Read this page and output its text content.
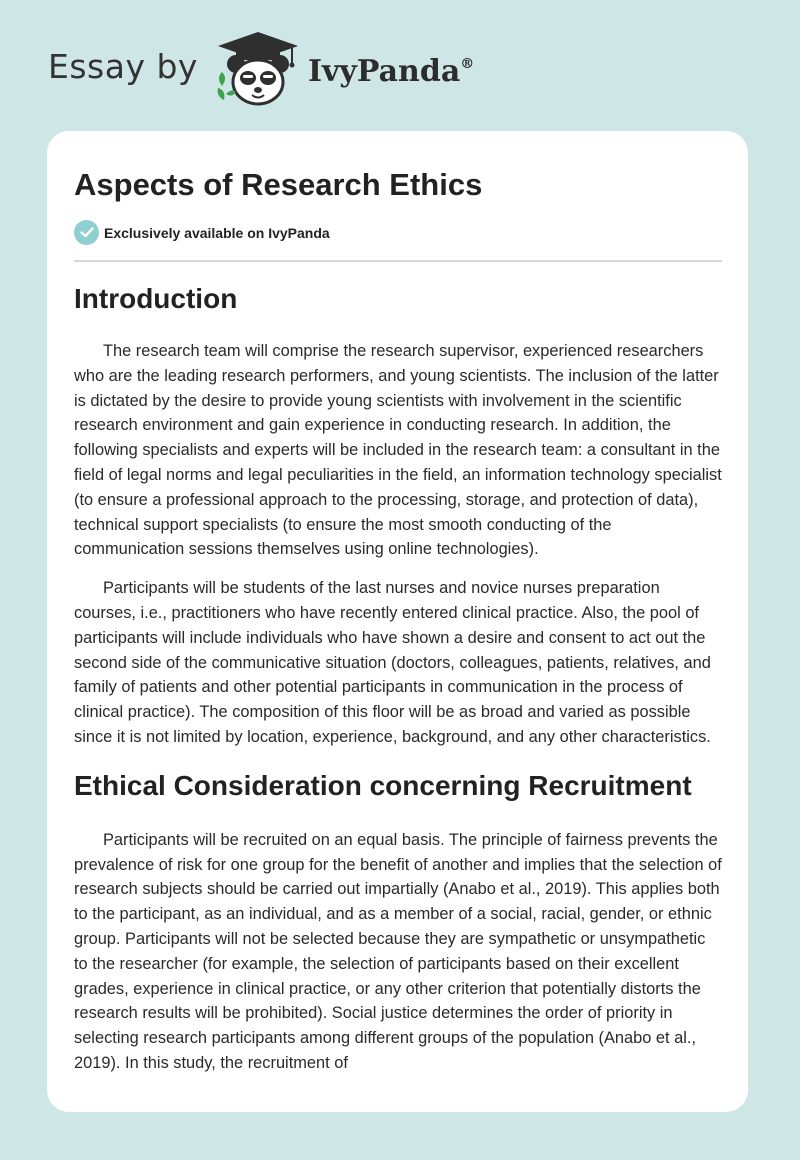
Essay by	IvyPanda®
Aspects of Research Ethics
Exclusively available on IvyPanda
Introduction

The research team will comprise the research supervisor, experienced researchers who are the leading research performers, and young scientists. The inclusion of the latter is dictated by the desire to provide young scientists with involvement in the scientific research environment and gain experience in conducting research. In addition, the following specialists and experts will be included in the research team: a consultant in the field of legal norms and legal peculiarities in the field, an information technology specialist (to ensure a professional approach to the processing, storage, and protection of data), technical support specialists (to ensure the most smooth conducting of the communication sessions themselves using online technologies).

Participants will be students of the last nurses and novice nurses preparation courses, i.e., practitioners who have recently entered clinical practice. Also, the pool of participants will include individuals who have shown a desire and consent to act out the second side of the communicative situation (doctors, colleagues, patients, relatives, and family of patients and other potential participants in communication in the process of clinical practice). The composition of this floor will be as broad and varied as possible since it is not limited by location, experience, background, and any other characteristics.

Ethical Consideration concerning Recruitment

Participants will be recruited on an equal basis. The principle of fairness prevents the prevalence of risk for one group for the benefit of another and implies that the selection of research subjects should be carried out impartially (Anabo et al., 2019). This applies both to the participant, as an individual, and as a member of a social, racial, gender, or ethnic group. Participants will not be selected because they are sympathetic or unsympathetic to the researcher (for example, the selection of participants based on their excellent grades, experience in clinical practice, or any other criterion that potentially distorts the research results will be prohibited). Social justice determines the order of priority in selecting research participants among different groups of the population (Anabo et al., 2019). In this study, the recruitment of
